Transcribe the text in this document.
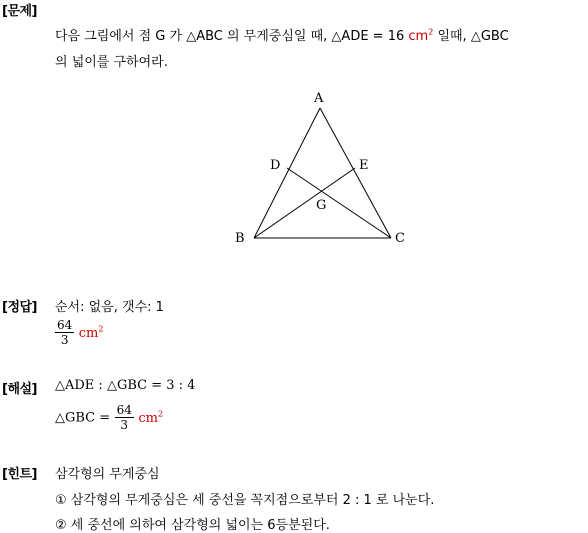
[문제]
다음 그림에서 점 G 가 △ABC 의 무게중심일 때, △ADE = 16 $cm^2$ 일때, △GBC
의 넓이를 구하여라.
A
B	C
D	E
G
[정답] 순서: 없음, 갯수: 1
$\frac{64}{3} cm^2$
[해설] △ADE : △GBC = 3 : 4
△GBC = $\frac{64}{3} cm^2$
[힌트] 삼각형의 무게중심
① 삼각형의 무게중심은 세 중선을 꼭지점으로부터 2 : 1 로 나눈다.
② 세 중선에 의하여 삼각형의 넓이는 6등분된다.
